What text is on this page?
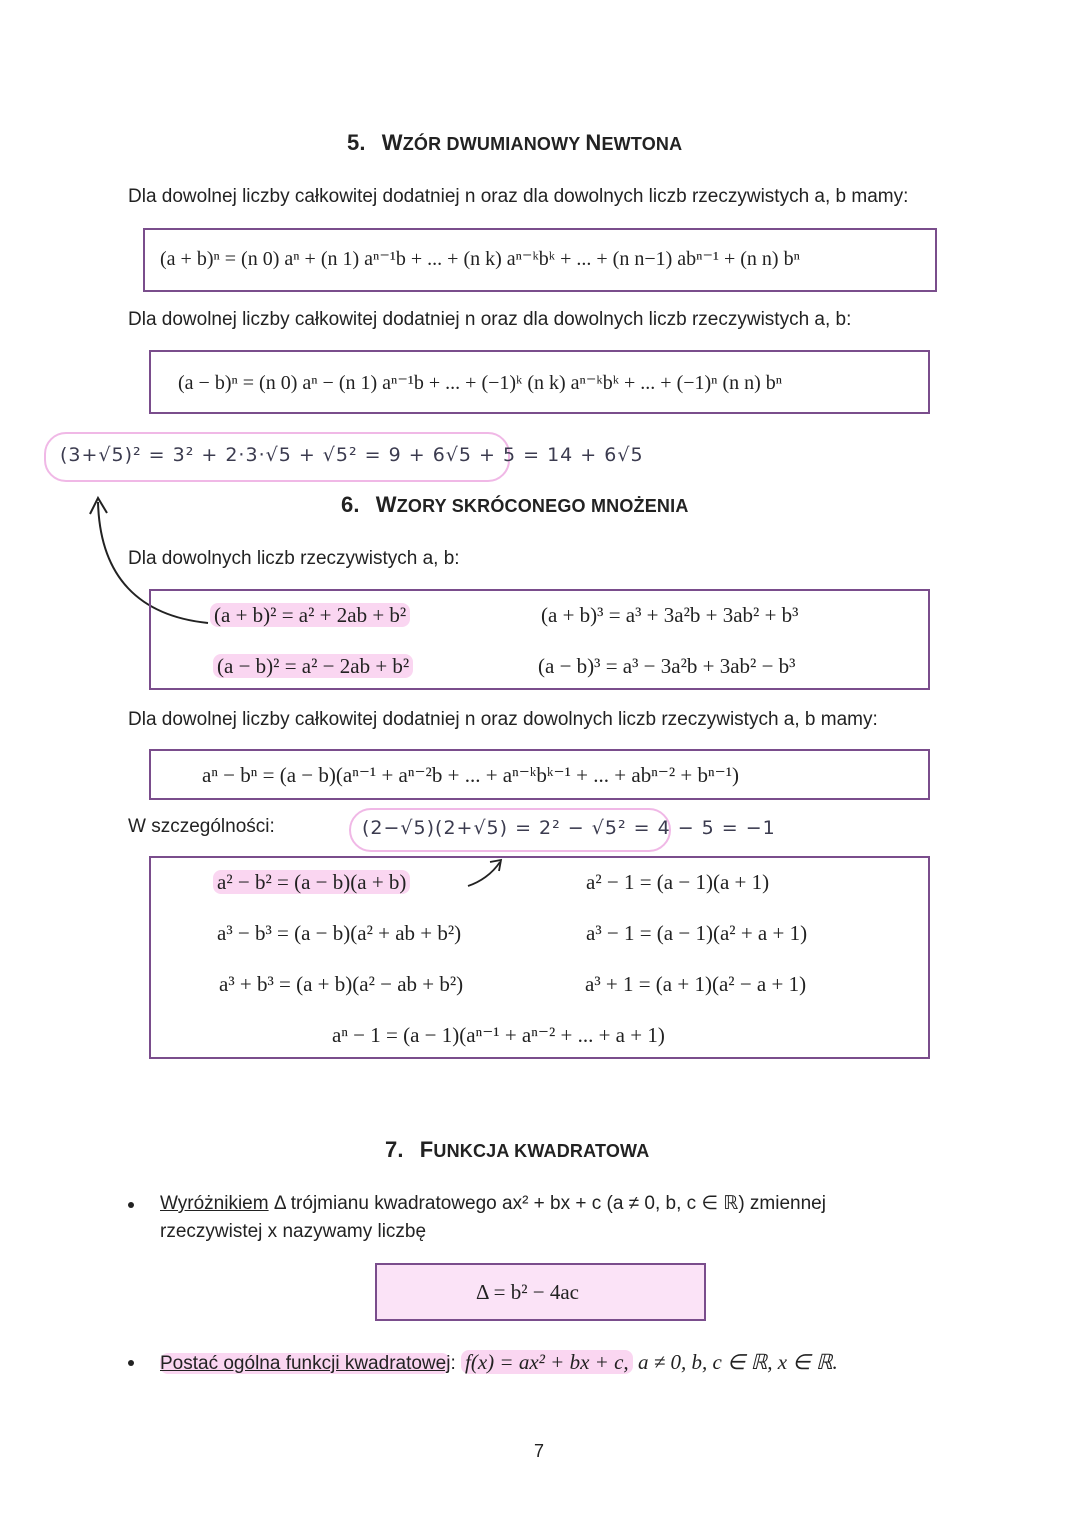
5. WZÓR DWUMIANOWY NEWTONA
Dla dowolnej liczby całkowitej dodatniej n oraz dla dowolnych liczb rzeczywistych a, b mamy:
(a + b)ⁿ = (n 0) aⁿ + (n 1) aⁿ⁻¹b + ... + (n k) aⁿ⁻ᵏbᵏ + ... + (n n−1) abⁿ⁻¹ + (n n) bⁿ
Dla dowolnej liczby całkowitej dodatniej n oraz dla dowolnych liczb rzeczywistych a, b:
(a − b)ⁿ = (n 0) aⁿ − (n 1) aⁿ⁻¹b + ... + (−1)ᵏ (n k) aⁿ⁻ᵏbᵏ + ... + (−1)ⁿ (n n) bⁿ
(3+√5)² = 3² + 2·3·√5 + √5² = 9 + 6√5 + 5 = 14 + 6√5
6. WZORY SKRÓCONEGO MNOŻENIA
Dla dowolnych liczb rzeczywistych a, b:
(a + b)² = a² + 2ab + b²	(a + b)³ = a³ + 3a²b + 3ab² + b³
(a − b)² = a² − 2ab + b²	(a − b)³ = a³ − 3a²b + 3ab² − b³
Dla dowolnej liczby całkowitej dodatniej n oraz dowolnych liczb rzeczywistych a, b mamy:
aⁿ − bⁿ = (a − b)(aⁿ⁻¹ + aⁿ⁻²b + ... + aⁿ⁻ᵏbᵏ⁻¹ + ... + abⁿ⁻² + bⁿ⁻¹)
W szczególności:	(2−√5)(2+√5) = 2² − √5² = 4 − 5 = −1
a² − b² = (a − b)(a + b)	a² − 1 = (a − 1)(a + 1)
a³ − b³ = (a − b)(a² + ab + b²)	a³ − 1 = (a − 1)(a² + a + 1)
a³ + b³ = (a + b)(a² − ab + b²)	a³ + 1 = (a + 1)(a² − a + 1)
aⁿ − 1 = (a − 1)(aⁿ⁻¹ + aⁿ⁻² + ... + a + 1)
7. FUNKCJA KWADRATOWA
Wyróżnikiem Δ trójmianu kwadratowego ax² + bx + c (a ≠ 0, b, c ∈ ℝ) zmiennej
rzeczywistej x nazywamy liczbę
Δ = b² − 4ac
Postać ogólna funkcji kwadratowej: f(x) = ax² + bx + c, a ≠ 0, b, c ∈ ℝ, x ∈ ℝ.
7
